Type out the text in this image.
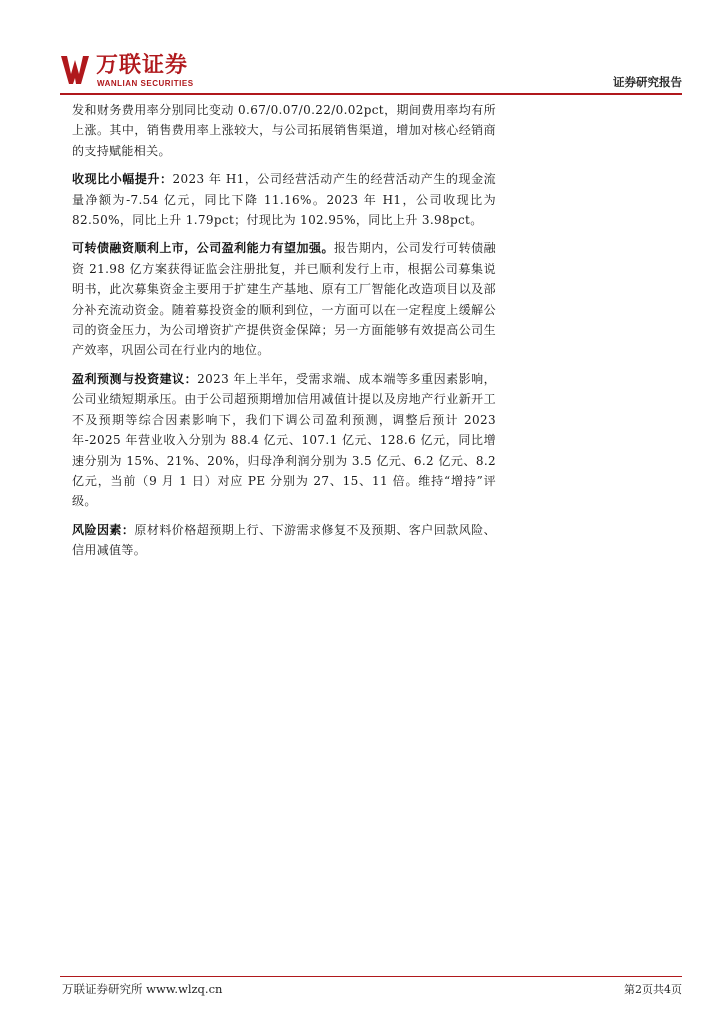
万联证券
WANLIAN SECURITIES	证券研究报告

发和财务费用率分别同比变动 0.67/0.07/0.22/0.02pct，期间费用率均有所上涨。其中，销售费用率上涨较大，与公司拓展销售渠道，增加对核心经销商的支持赋能相关。

收现比小幅提升：2023 年 H1，公司经营活动产生的经营活动产生的现金流量净额为-7.54 亿元，同比下降 11.16%。2023 年 H1，公司收现比为 82.50%，同比上升 1.79pct；付现比为 102.95%，同比上升 3.98pct。

可转债融资顺利上市，公司盈利能力有望加强。报告期内，公司发行可转债融资 21.98 亿方案获得证监会注册批复，并已顺利发行上市，根据公司募集说明书，此次募集资金主要用于扩建生产基地、原有工厂智能化改造项目以及部分补充流动资金。随着募投资金的顺利到位，一方面可以在一定程度上缓解公司的资金压力，为公司增资扩产提供资金保障；另一方面能够有效提高公司生产效率，巩固公司在行业内的地位。

盈利预测与投资建议：2023 年上半年，受需求端、成本端等多重因素影响，公司业绩短期承压。由于公司超预期增加信用减值计提以及房地产行业新开工不及预期等综合因素影响下，我们下调公司盈利预测，调整后预计 2023 年-2025 年营业收入分别为 88.4 亿元、107.1 亿元、128.6 亿元，同比增速分别为 15%、21%、20%，归母净利润分别为 3.5 亿元、6.2 亿元、8.2 亿元，当前（9 月 1 日）对应 PE 分别为 27、15、11 倍。维持“增持”评级。

风险因素：原材料价格超预期上行、下游需求修复不及预期、客户回款风险、信用减值等。

万联证券研究所 www.wlzq.cn	第2页共4页
